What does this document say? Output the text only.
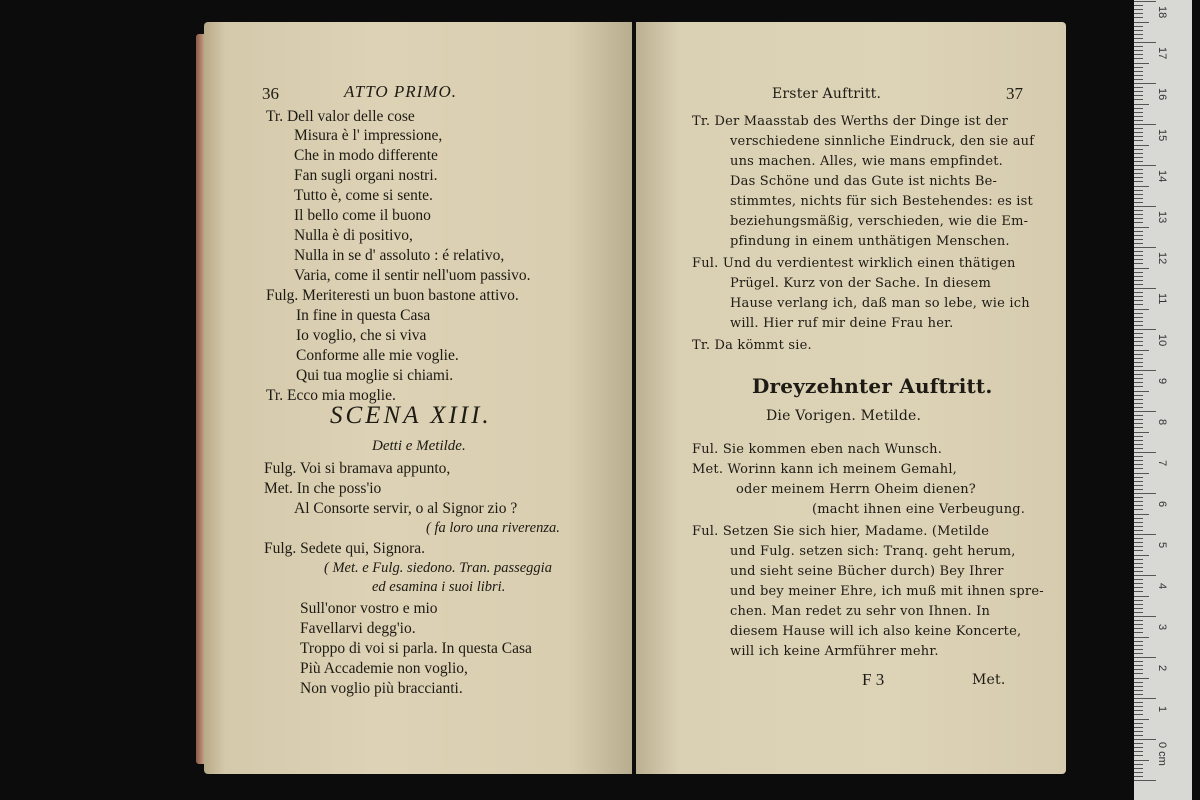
36	ATTO PRIMO.
Tr. Dell valor delle cose
Misura è l' impressione,
Che in modo differente
Fan sugli organi nostri.
Tutto è, come si sente.
Il bello come il buono
Nulla è di positivo,
Nulla in se d' assoluto : é relativo,
Varia, come il sentir nell'uom passivo.
Fulg. Meriteresti un buon bastone attivo.
In fine in questa Casa
Io voglio, che si viva
Conforme alle mie voglie.
Qui tua moglie si chiami.
Tr. Ecco mia moglie.
SCENA XIII.
Detti e Metilde.
Fulg. Voi si bramava appunto,
Met. In che poss'io
Al Consorte servir, o al Signor zio ?
( fa loro una riverenza.
Fulg. Sedete qui, Signora.
( Met. e Fulg. siedono. Tran. passeggia
ed esamina i suoi libri.
Sull'onor vostro e mio
Favellarvi degg'io.
Troppo di voi si parla. In questa Casa
Più Accademie non voglio,
Non voglio più braccianti.
Erster Auftritt.	37
Tr. Der Maasstab des Werths der Dinge ist der
verschiedene sinnliche Eindruck, den sie auf
uns machen. Alles, wie mans empfindet.
Das Schöne und das Gute ist nichts Be-
stimmtes, nichts für sich Bestehendes: es ist
beziehungsmäßig, verschieden, wie die Em-
pfindung in einem unthätigen Menschen.
Ful. Und du verdientest wirklich einen thätigen
Prügel. Kurz von der Sache. In diesem
Hause verlang ich, daß man so lebe, wie ich
will. Hier ruf mir deine Frau her.
Tr. Da kömmt sie.
Dreyzehnter Auftritt.
Die Vorigen. Metilde.
Ful. Sie kommen eben nach Wunsch.
Met. Worinn kann ich meinem Gemahl,
oder meinem Herrn Oheim dienen?
(macht ihnen eine Verbeugung.
Ful. Setzen Sie sich hier, Madame. (Metilde
und Fulg. setzen sich: Tranq. geht herum,
und sieht seine Bücher durch) Bey Ihrer
und bey meiner Ehre, ich muß mit ihnen spre-
chen. Man redet zu sehr von Ihnen. In
diesem Hause will ich also keine Koncerte,
will ich keine Armführer mehr.
F 3	Met.
0 cm
1
2
3
4
5
6
7
8
9
10
11
12
13
14
15
16
17
18
